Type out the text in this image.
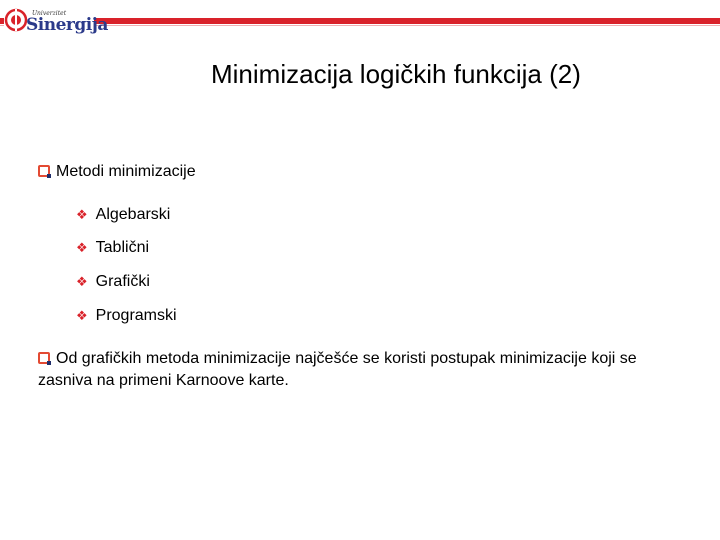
Univerzitet
Sinergija
Minimizacija logičkih funkcija (2)
Metodi minimizacije
❖ Algebarski
❖ Tablični
❖ Grafički
❖ Programski
Od grafičkih metoda minimizacije najčešće se koristi postupak minimizacije koji se zasniva na primeni Karnoove karte.
